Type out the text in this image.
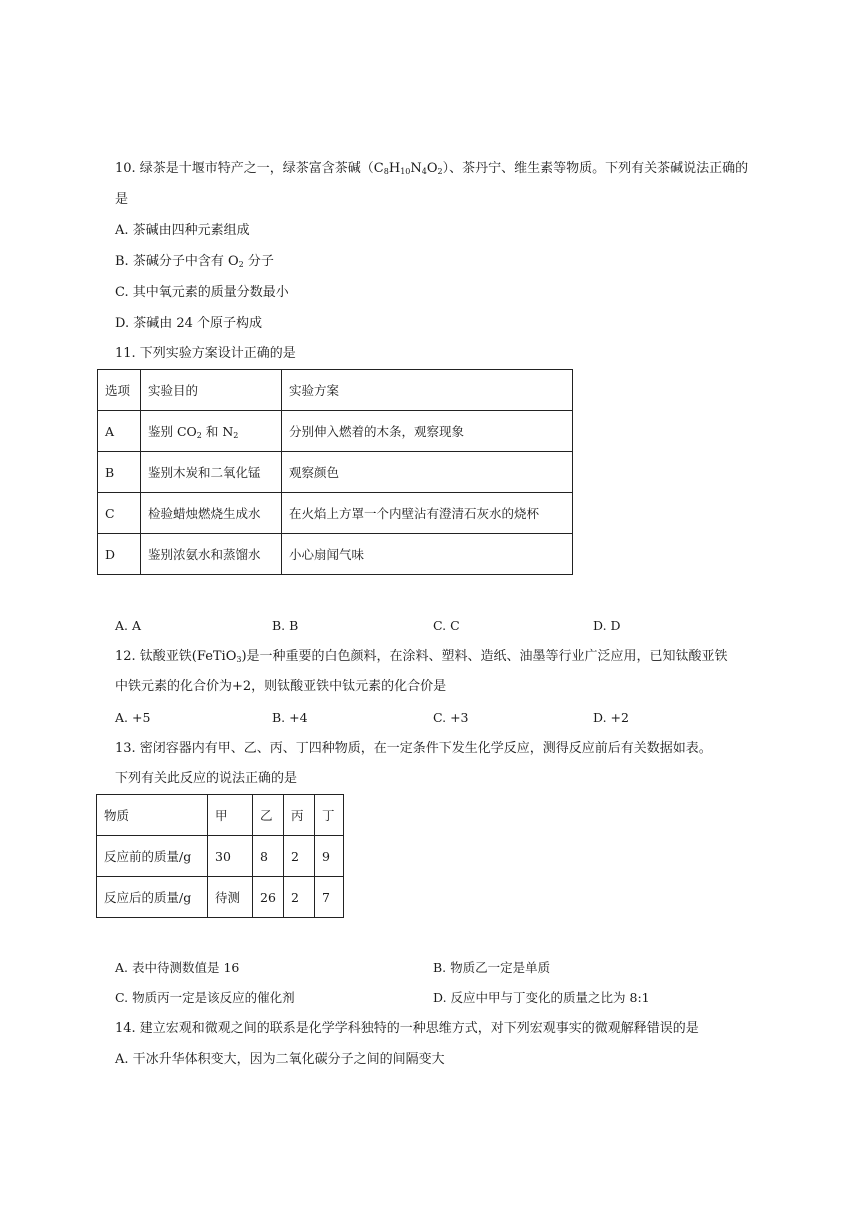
10. 绿茶是十堰市特产之一，绿茶富含茶碱$(C_8H_{10}N_4O_2)$、茶丹宁、维生素等物质。下列有关茶碱说法正确的
是
A. 茶碱由四种元素组成
B. 茶碱分子中含有 $O_2$ 分子
C. 其中氧元素的质量分数最小
D. 茶碱由 24 个原子构成
11. 下列实验方案设计正确的是
选项	实验目的	实验方案
A	鉴别 $CO_2$ 和 $N_2$	分别伸入燃着的木条，观察现象
B	鉴别木炭和二氧化锰	观察颜色
C	检验蜡烛燃烧生成水	在火焰上方罩一个内壁沾有澄清石灰水的烧杯
D	鉴别浓氨水和蒸馏水	小心扇闻气味
A. A	B. B	C. C	D. D
12. 钛酸亚铁(FeTiO$_3$)是一种重要的白色颜料，在涂料、塑料、造纸、油墨等行业广泛应用，已知钛酸亚铁
中铁元素的化合价为+2，则钛酸亚铁中钛元素的化合价是
A. +5	B. +4	C. +3	D. +2
13. 密闭容器内有甲、乙、丙、丁四种物质，在一定条件下发生化学反应，测得反应前后有关数据如表。
下列有关此反应的说法正确的是
物质	甲	乙	丙	丁
反应前的质量/g	30	8	2	9
反应后的质量/g	待测	26	2	7
A. 表中待测数值是 16	B. 物质乙一定是单质
C. 物质丙一定是该反应的催化剂	D. 反应中甲与丁变化的质量之比为 8:1
14. 建立宏观和微观之间的联系是化学学科独特的一种思维方式，对下列宏观事实的微观解释错误的是
A. 干冰升华体积变大，因为二氧化碳分子之间的间隔变大
